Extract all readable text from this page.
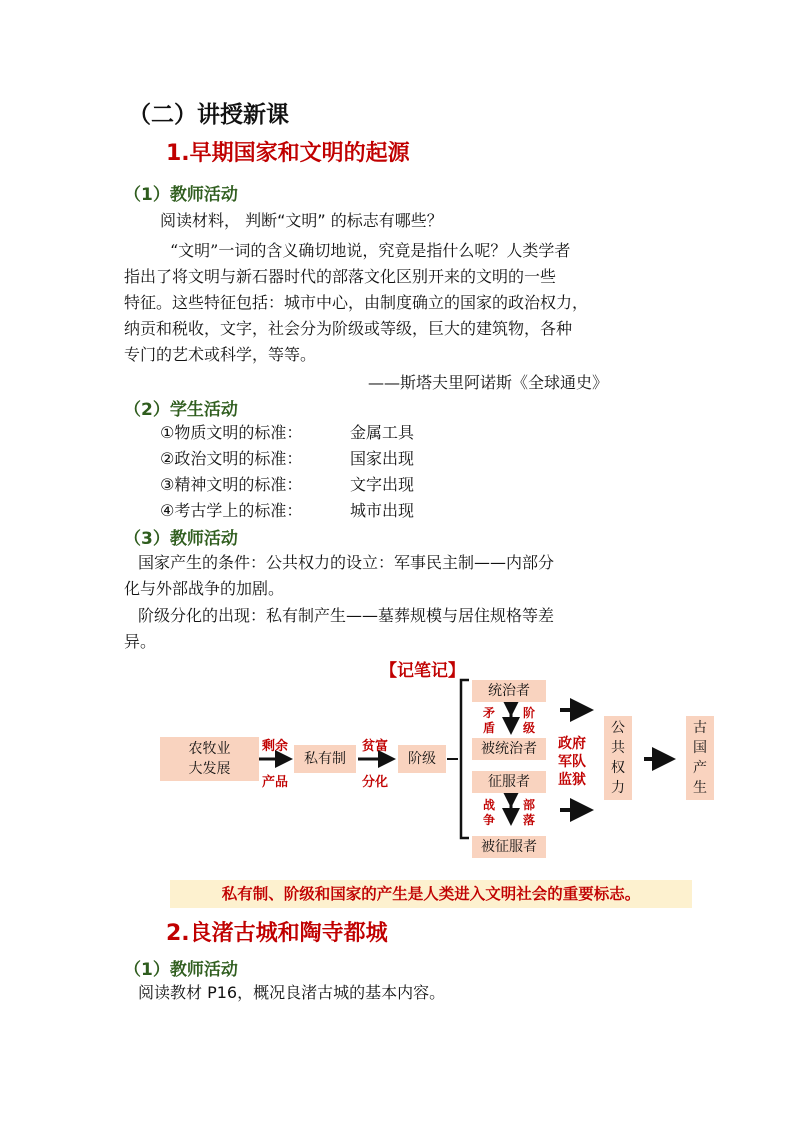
（二）讲授新课
1.早期国家和文明的起源
（1）教师活动
阅读材料， 判断“文明” 的标志有哪些？
“文明”一词的含义确切地说，究竟是指什么呢？人类学者
指出了将文明与新石器时代的部落文化区别开来的文明的一些
特征。这些特征包括：城市中心，由制度确立的国家的政治权力，
纳贡和税收，文字，社会分为阶级或等级，巨大的建筑物，各种
专门的艺术或科学，等等。
——斯塔夫里阿诺斯《全球通史》
（2）学生活动
①物质文明的标准：	金属工具
②政治文明的标准：	国家出现
③精神文明的标准：	文字出现
④考古学上的标准：	城市出现
（3）教师活动
国家产生的条件：公共权力的设立：军事民主制——内部分
化与外部战争的加剧。
阶级分化的出现：私有制产生——墓葬规模与居住规格等差
异。
【记笔记】
农牧业
大发展
剩余
产品
私有制
贫富
分化
阶级
统治者
被统治者
征服者
被征服者
矛
盾
阶
级
战
争
部
落
政府
军队
监狱
公
共
权
力
古
国
产
生
私有制、阶级和国家的产生是人类进入文明社会的重要标志。
2.良渚古城和陶寺都城
（1）教师活动
阅读教材 P16，概况良渚古城的基本内容。
